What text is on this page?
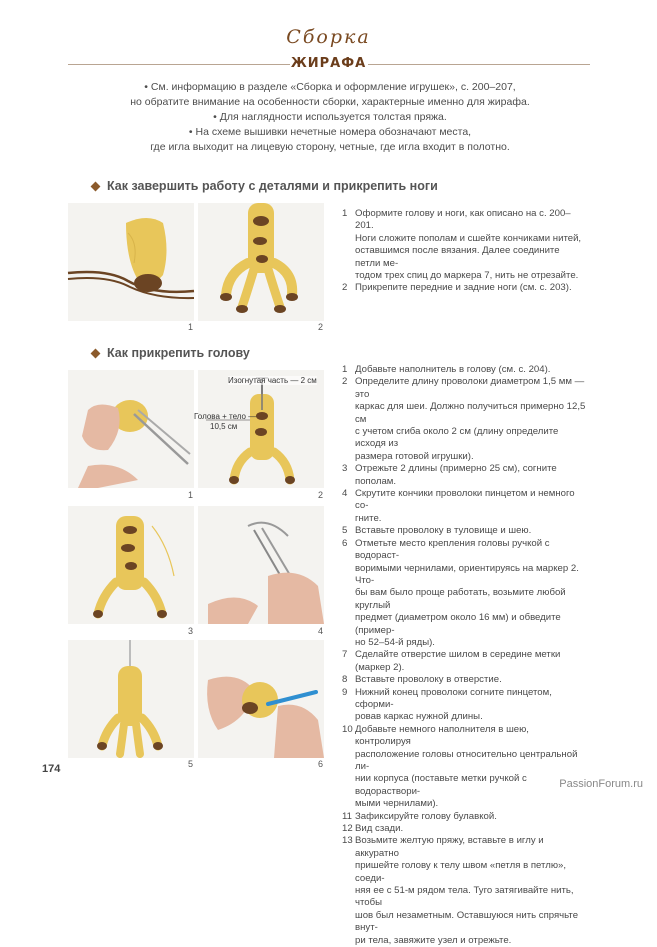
Сборка
ЖИРАФА

• См. информацию в разделе «Сборка и оформление игрушек», с. 200–207,

но обратите внимание на особенности сборки, характерные именно для жирафа.

• Для наглядности используется толстая пряжа.

• На схеме вышивки нечетные номера обозначают места,

где игла выходит на лицевую сторону, четные, где игла входит в полотно.

Как завершить работу с деталями и прикрепить ноги
1	2
1 Оформите голову и ноги, как описано на с. 200–201.
Ноги сложите пополам и сшейте кончиками нитей,
оставшимся после вязания. Далее соедините петли ме-
тодом трех спиц до маркера 7, нить не отрезайте.
2 Прикрепите передние и задние ноги (см. с. 203).
Как прикрепить голову
1
Изогнутая часть — 2 см
Голова + тело —
10,5 см
2
3	4
5	6
1 Добавьте наполнитель в голову (см. с. 204).
2 Определите длину проволоки диаметром 1,5 мм — это
каркас для шеи. Должно получиться примерно 12,5 см
с учетом сгиба около 2 см (длину определите исходя из
размера готовой игрушки).
3 Отрежьте 2 длины (примерно 25 см), согните пополам.
4 Скрутите кончики проволоки пинцетом и немного со-
гните.
5 Вставьте проволоку в туловище и шею.
6 Отметьте место крепления головы ручкой с водораст-
воримыми чернилами, ориентируясь на маркер 2. Что-
бы вам было проще работать, возьмите любой круглый
предмет (диаметром около 16 мм) и обведите (пример-
но 52–54-й ряды).
7 Сделайте отверстие шилом в середине метки (маркер 2).
8 Вставьте проволоку в отверстие.
9 Нижний конец проволоки согните пинцетом, сформи-
ровав каркас нужной длины.
10 Добавьте немного наполнителя в шею, контролируя
расположение головы относительно центральной ли-
нии корпуса (поставьте метки ручкой с водораствори-
мыми чернилами).
11 Зафиксируйте голову булавкой.
12 Вид сзади.
13 Возьмите желтую пряжу, вставьте в иглу и аккуратно
пришейте голову к телу швом «петля в петлю», соеди-
няя ее с 51-м рядом тела. Туго затягивайте нить, чтобы
шов был незаметным. Оставшуюся нить спрячьте внут-
ри тела, завяжите узел и отрежьте.
174
PassionForum.ru
